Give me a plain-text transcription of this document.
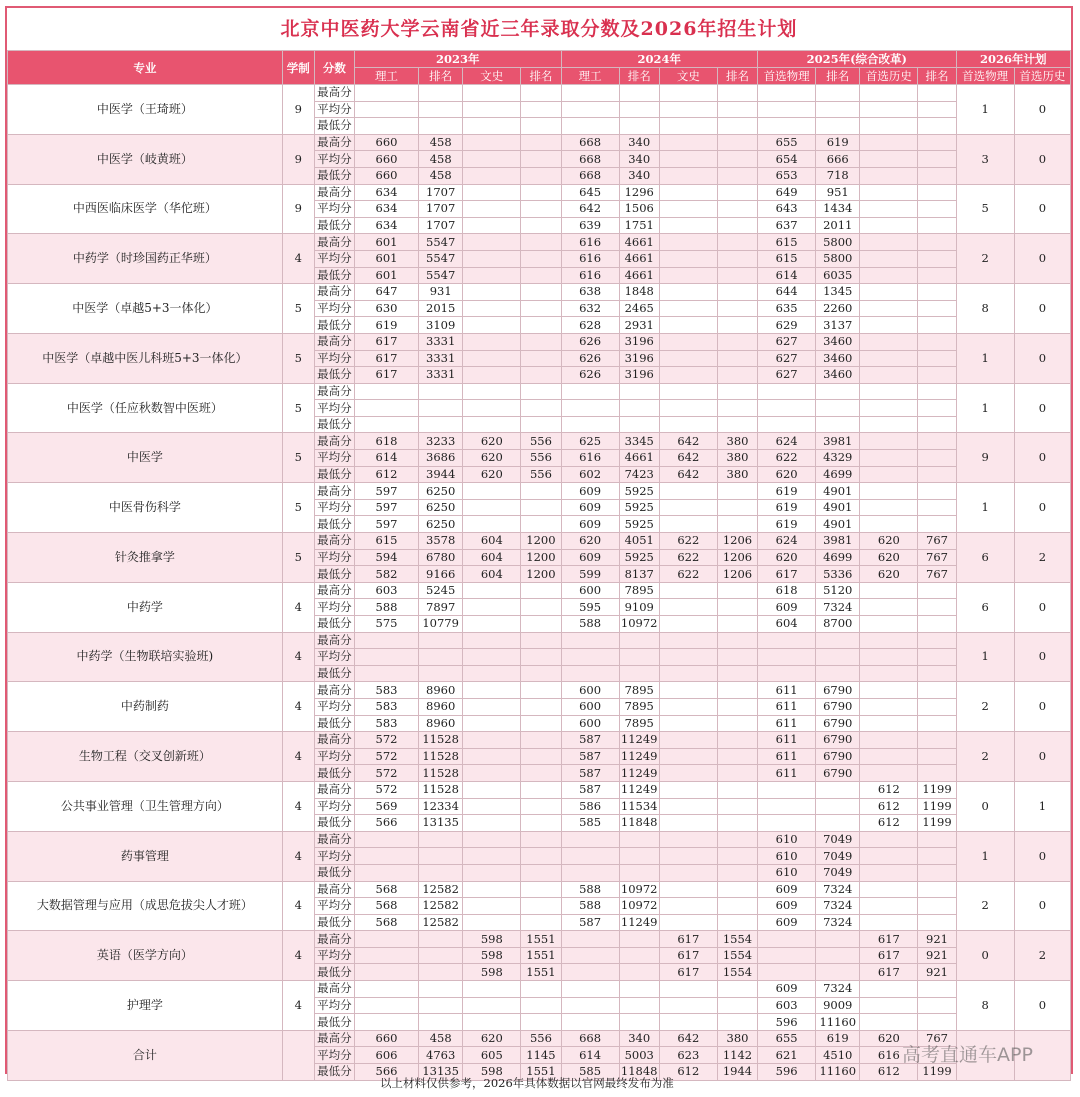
北京中医药大学云南省近三年录取分数及2026年招生计划
专业	学制	分数	2023年				2024年				2025年(综合改革)				2026年计划	
			理工	排名	文史	排名	理工	排名	文史	排名	首选物理	排名	首选历史	排名	首选物理	首选历史
中医学（王琦班）	9	最高分													1	0
		平均分														
		最低分														
中医学（岐黄班）	9	最高分	660	458			668	340			655	619			3	0
		平均分	660	458			668	340			654	666				
		最低分	660	458			668	340			653	718				
中西医临床医学（华佗班）	9	最高分	634	1707			645	1296			649	951			5	0
		平均分	634	1707			642	1506			643	1434				
		最低分	634	1707			639	1751			637	2011				
中药学（时珍国药正华班）	4	最高分	601	5547			616	4661			615	5800			2	0
		平均分	601	5547			616	4661			615	5800				
		最低分	601	5547			616	4661			614	6035				
中医学（卓越5+3一体化）	5	最高分	647	931			638	1848			644	1345			8	0
		平均分	630	2015			632	2465			635	2260				
		最低分	619	3109			628	2931			629	3137				
中医学（卓越中医儿科班5+3一体化）	5	最高分	617	3331			626	3196			627	3460			1	0
		平均分	617	3331			626	3196			627	3460				
		最低分	617	3331			626	3196			627	3460				
中医学（任应秋数智中医班）	5	最高分													1	0
		平均分														
		最低分														
中医学	5	最高分	618	3233	620	556	625	3345	642	380	624	3981			9	0
		平均分	614	3686	620	556	616	4661	642	380	622	4329				
		最低分	612	3944	620	556	602	7423	642	380	620	4699				
中医骨伤科学	5	最高分	597	6250			609	5925			619	4901			1	0
		平均分	597	6250			609	5925			619	4901				
		最低分	597	6250			609	5925			619	4901				
针灸推拿学	5	最高分	615	3578	604	1200	620	4051	622	1206	624	3981	620	767	6	2
		平均分	594	6780	604	1200	609	5925	622	1206	620	4699	620	767		
		最低分	582	9166	604	1200	599	8137	622	1206	617	5336	620	767		
中药学	4	最高分	603	5245			600	7895			618	5120			6	0
		平均分	588	7897			595	9109			609	7324				
		最低分	575	10779			588	10972			604	8700				
中药学（生物联培实验班)	4	最高分													1	0
		平均分														
		最低分														
中药制药	4	最高分	583	8960			600	7895			611	6790			2	0
		平均分	583	8960			600	7895			611	6790				
		最低分	583	8960			600	7895			611	6790				
生物工程（交叉创新班）	4	最高分	572	11528			587	11249			611	6790			2	0
		平均分	572	11528			587	11249			611	6790				
		最低分	572	11528			587	11249			611	6790				
公共事业管理（卫生管理方向）	4	最高分	572	11528			587	11249					612	1199	0	1
		平均分	569	12334			586	11534					612	1199		
		最低分	566	13135			585	11848					612	1199		
药事管理	4	最高分									610	7049			1	0
		平均分									610	7049				
		最低分									610	7049				
大数据管理与应用（成思危拔尖人才班）	4	最高分	568	12582			588	10972			609	7324			2	0
		平均分	568	12582			588	10972			609	7324				
		最低分	568	12582			587	11249			609	7324				
英语（医学方向）	4	最高分			598	1551			617	1554			617	921	0	2
		平均分			598	1551			617	1554			617	921		
		最低分			598	1551			617	1554			617	921		
护理学	4	最高分									609	7324			8	0
		平均分									603	9009				
		最低分									596	11160				
合计		最高分	660	458	620	556	668	340	642	380	655	619	620	767		
		平均分	606	4763	605	1145	614	5003	623	1142	621	4510	616			
		最低分	566	13135	598	1551	585	11848	612	1944	596	11160	612	1199		
以上材料仅供参考，2026年具体数据以官网最终发布为准
高考直通车APP
